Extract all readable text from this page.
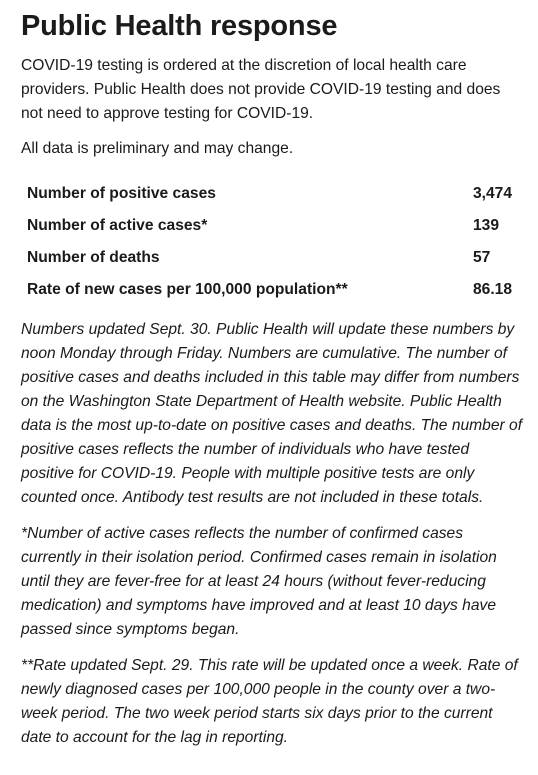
Public Health response

COVID-19 testing is ordered at the discretion of local health care providers. Public Health does not provide COVID-19 testing and does not need to approve testing for COVID-19.

All data is preliminary and may change.

Number of positive cases	3,474
Number of active cases*	139
Number of deaths	57
Rate of new cases per 100,000 population**	86.18

Numbers updated Sept. 30. Public Health will update these numbers by noon Monday through Friday. Numbers are cumulative. The number of positive cases and deaths included in this table may differ from numbers on the Washington State Department of Health website. Public Health data is the most up-to-date on positive cases and deaths. The number of positive cases reflects the number of individuals who have tested positive for COVID-19. People with multiple positive tests are only counted once. Antibody test results are not included in these totals.

*Number of active cases reflects the number of confirmed cases currently in their isolation period. Confirmed cases remain in isolation until they are fever-free for at least 24 hours (without fever-reducing medication) and symptoms have improved and at least 10 days have passed since symptoms began.

**Rate updated Sept. 29. This rate will be updated once a week. Rate of newly diagnosed cases per 100,000 people in the county over a two-week period. The two week period starts six days prior to the current date to account for the lag in reporting.
